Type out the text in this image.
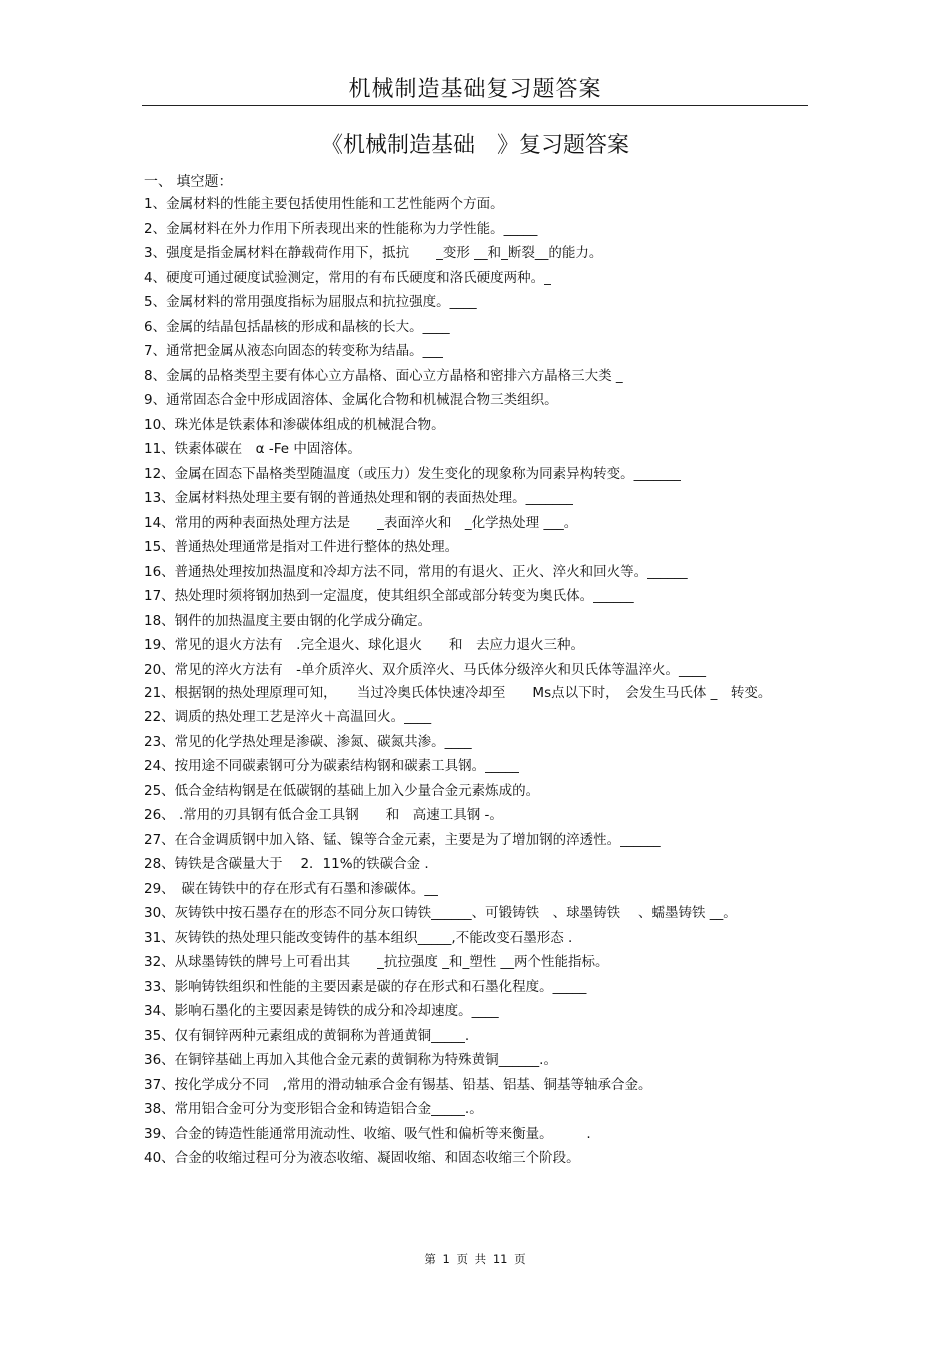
机械制造基础复习题答案
《机械制造基础　》复习题答案
一、 填空题：
1、金属材料的性能主要包括使用性能和工艺性能两个方面。
2、金属材料在外力作用下所表现出来的性能称为力学性能。_____
3、强度是指金属材料在静载荷作用下，抵抗　　_变形 __和_断裂__的能力。
4、硬度可通过硬度试验测定，常用的有布氏硬度和洛氏硬度两种。_
5、金属材料的常用强度指标为屈服点和抗拉强度。____
6、金属的结晶包括晶核的形成和晶核的长大。____
7、通常把金属从液态向固态的转变称为结晶。___
8、金属的品格类型主要有体心立方晶格、面心立方晶格和密排六方晶格三大类 _
9、通常固态合金中形成固溶体、金属化合物和机械混合物三类组织。
10、珠光体是铁素体和渗碳体组成的机械混合物。
11、铁素体碳在　α -Fe 中固溶体。
12、金属在固态下晶格类型随温度（或压力）发生变化的现象称为同素异构转变。_______
13、金属材料热处理主要有钢的普通热处理和钢的表面热处理。_______
14、常用的两种表面热处理方法是　　_表面淬火和　_化学热处理 ___。
15、普通热处理通常是指对工件进行整体的热处理。
16、普通热处理按加热温度和冷却方法不同，常用的有退火、正火、淬火和回火等。______
17、热处理时须将钢加热到一定温度，使其组织全部或部分转变为奥氏体。______
18、钢件的加热温度主要由钢的化学成分确定。
19、常见的退火方法有　.完全退火、球化退火　　和　去应力退火三种。
20、常见的淬火方法有　-单介质淬火、双介质淬火、马氏体分级淬火和贝氏体等温淬火。____
21、根据钢的热处理原理可知，　　当过冷奥氏体快速冷却至　　Ms点以下时，　会发生马氏体 _　转变。
22、调质的热处理工艺是淬火＋高温回火。____
23、常见的化学热处理是渗碳、渗氮、碳氮共渗。____
24、按用途不同碳素钢可分为碳素结构钢和碳素工具钢。_____
25、低合金结构钢是在低碳钢的基础上加入少量合金元素炼成的。
26、 .常用的刃具钢有低合金工具钢　　和　高速工具钢 -。
27、在合金调质钢中加入铬、锰、镍等合金元素，主要是为了增加钢的淬透性。______
28、铸铁是含碳量大于　 2．11%的铁碳合金 .
29、　碳在铸铁中的存在形式有石墨和渗碳体。__
30、灰铸铁中按石墨存在的形态不同分灰口铸铁______、可锻铸铁　、球墨铸铁　 、蠕墨铸铁 __。
31、灰铸铁的热处理只能改变铸件的基本组织_____,不能改变石墨形态 .
32、从球墨铸铁的牌号上可看出其　　_抗拉强度 _和_塑性 __两个性能指标。
33、影响铸铁组织和性能的主要因素是碳的存在形式和石墨化程度。_____
34、影响石墨化的主要因素是铸铁的成分和冷却速度。____
35、仅有铜锌两种元素组成的黄铜称为普通黄铜_____.
36、在铜锌基础上再加入其他合金元素的黄铜称为特殊黄铜______.。
37、按化学成分不同　,常用的滑动轴承合金有锡基、铅基、铝基、铜基等轴承合金。
38、常用铝合金可分为变形铝合金和铸造铝合金_____.。
39、合金的铸造性能通常用流动性、收缩、吸气性和偏析等来衡量。　　　.
40、合金的收缩过程可分为液态收缩、凝固收缩、和固态收缩三个阶段。
第 1 页 共 11 页
